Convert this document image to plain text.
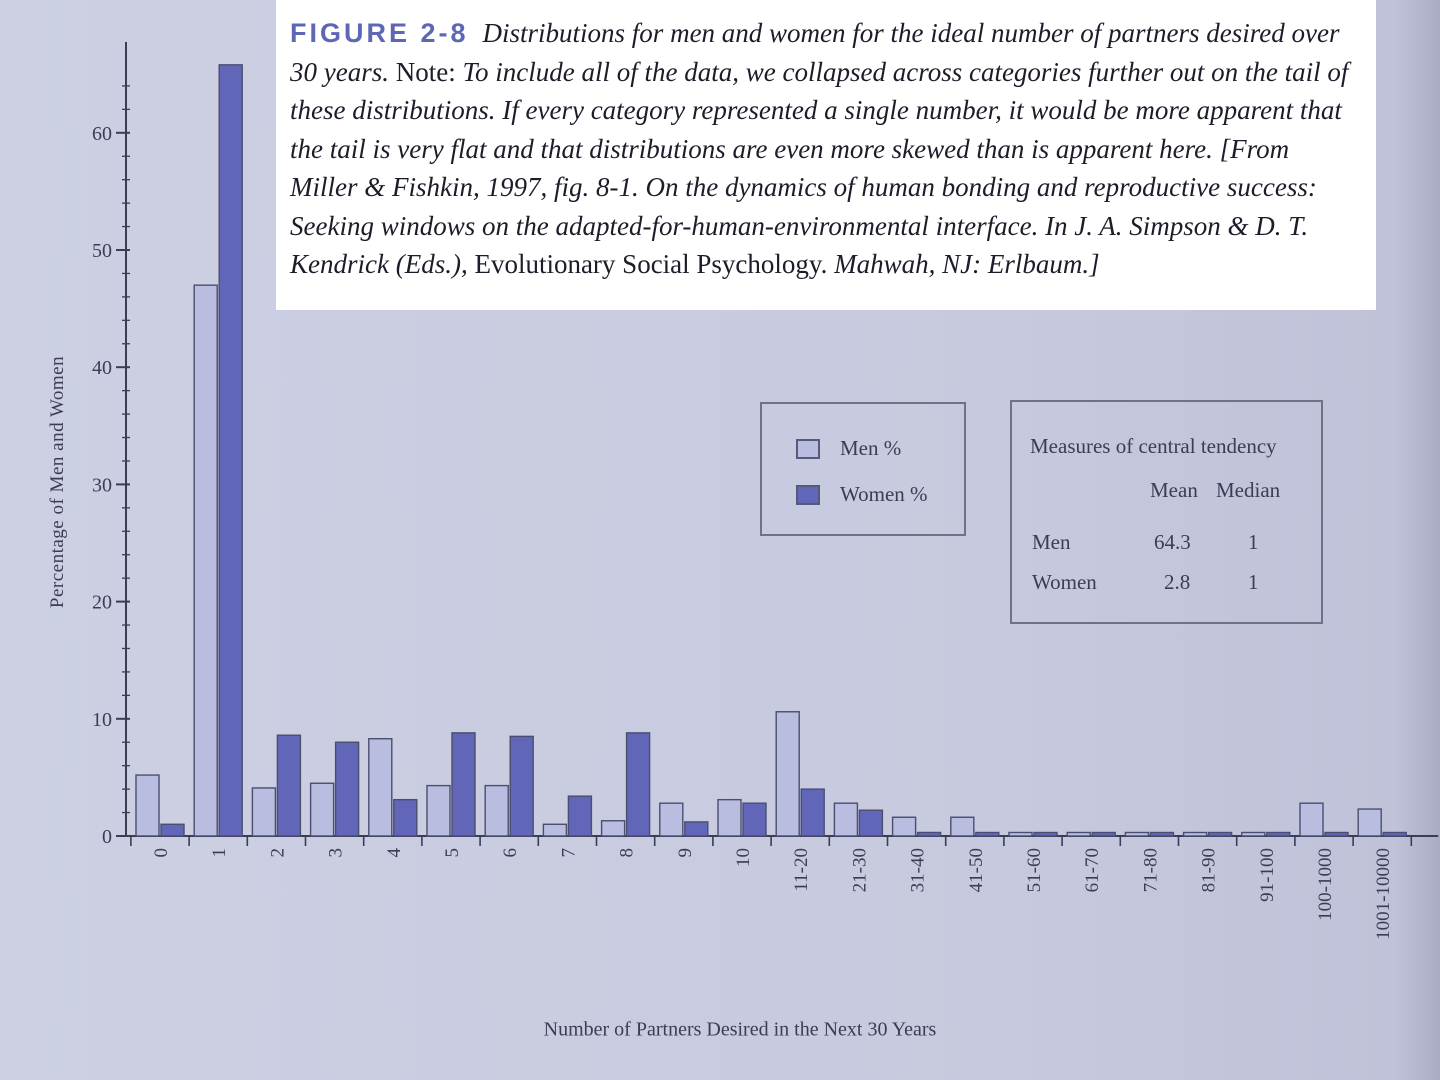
0
10
20
30
40
50
60
0 1 2 3 4 5 6 7 8 9 10 11-20 21-30 31-40 41-50 51-60 61-70 71-80 81-90 91-100 100-1000 1001-10000
FIGURE 2-8 Distributions for men and women for the ideal number of partners desired over 30 years. Note: To include all of the data, we collapsed across categories further out on the tail of these distributions. If every category represented a single number, it would be more apparent that the tail is very flat and that distributions are even more skewed than is apparent here. [From Miller & Fishkin, 1997, fig. 8-1. On the dynamics of human bonding and reproductive success: Seeking windows on the adapted-for-human-environmental interface. In J. A. Simpson & D. T. Kendrick (Eds.), Evolutionary Social Psychology. Mahwah, NJ: Erlbaum.]
Men %
Women %
Measures of central tendency
Mean Median
Men	64.3	1
Women	2.8	1
Percentage of Men and Women
Number of Partners Desired in the Next 30 Years
